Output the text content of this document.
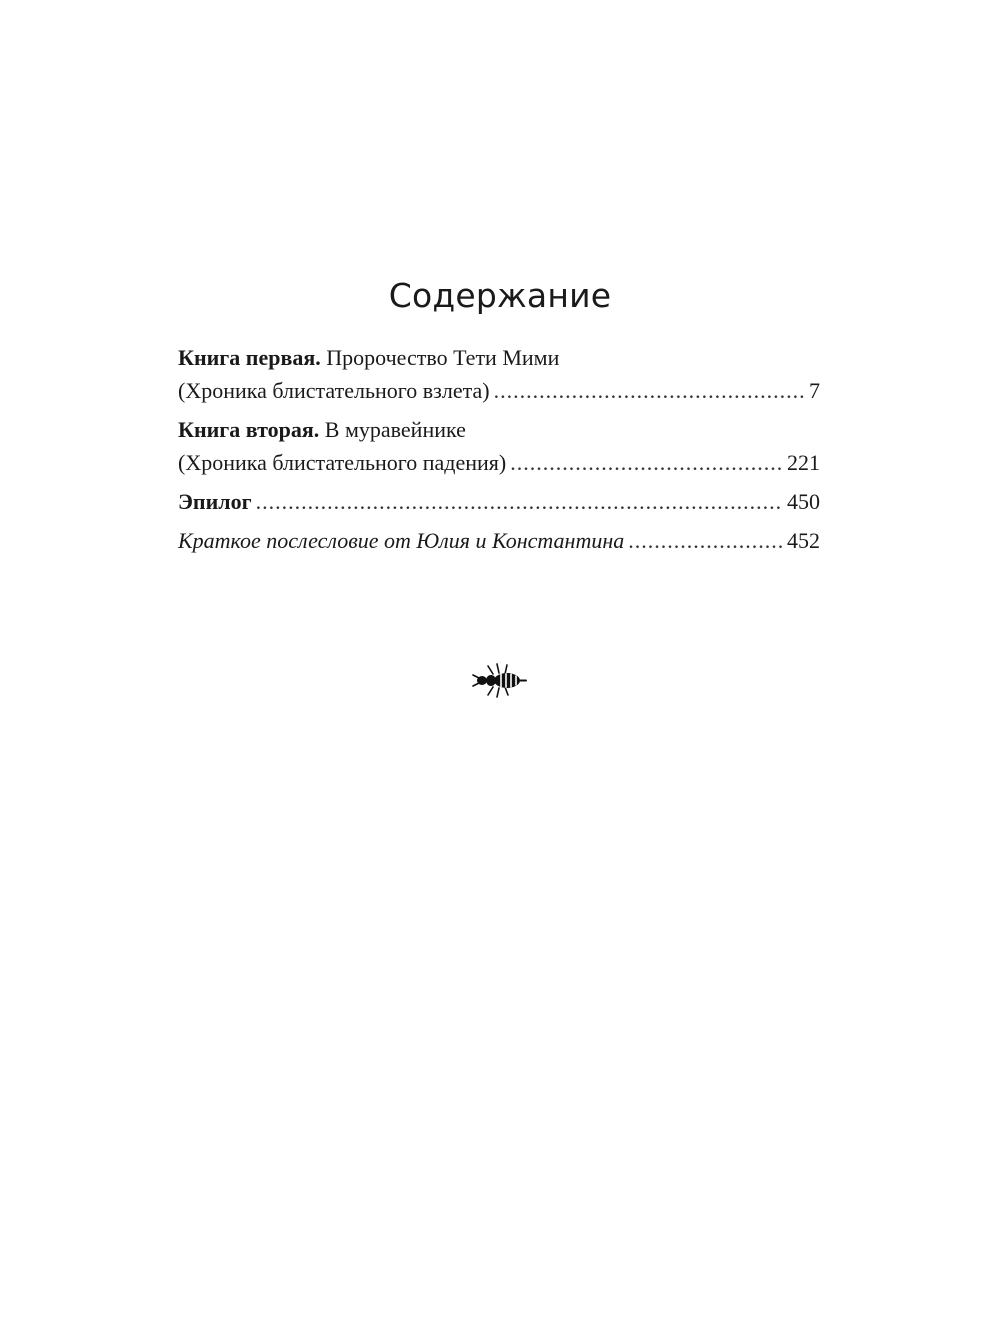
Содержание
Книга первая. Пророчество Тети Мими
(Хроника блистательного взлета) .....	7
Книга вторая. В муравейнике
(Хроника блистательного падения) .....	221
Эпилог .....	450
Краткое послесловие от Юлия и Константина .....	452
